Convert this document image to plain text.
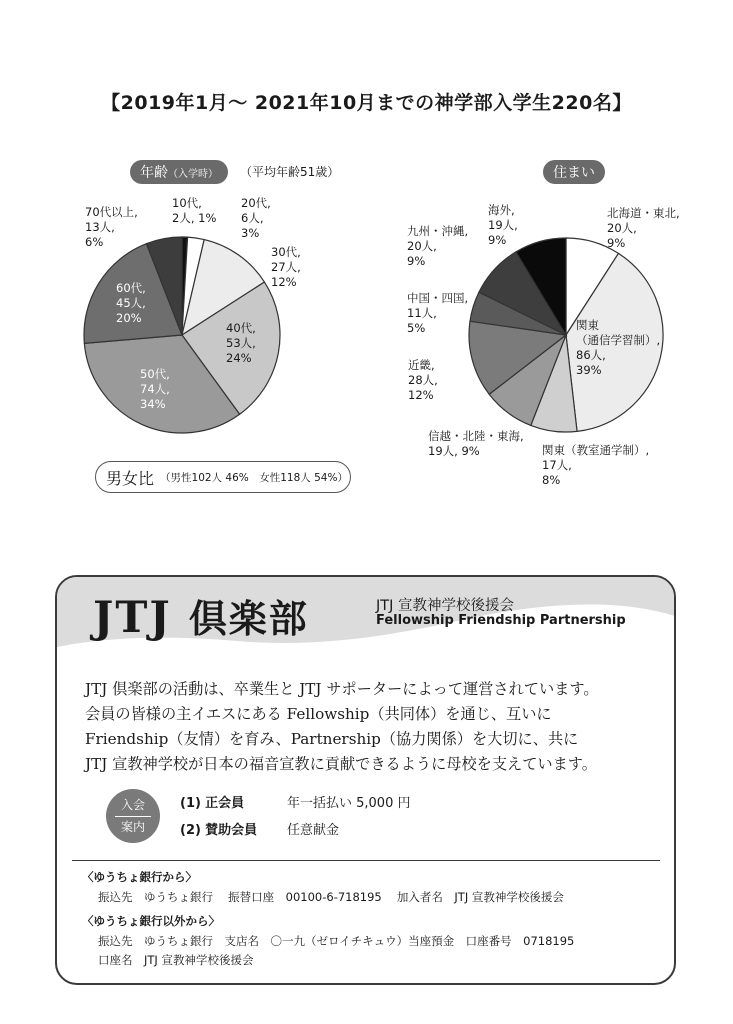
【2019年1月〜 2021年10月までの神学部入学生220名】
年齢（入学時）	（平均年齢51歳）	住まい
10代,
2人, 1%
20代,
6人,
3%
30代,
27人,
12%
40代,
53人,
24%
50代,
74人,
34%
60代,
45人,
20%
70代以上,
13人,
6%
北海道・東北,
20人,
9%
関東
（通信学習制）,
86人,
39%
関東（教室通学制）,
17人,
8%
信越・北陸・東海,
19人, 9%
近畿,
28人,
12%
中国・四国,
11人,
5%
九州・沖縄,
20人,
9%
海外,
19人,
9%
男女比 （男性102人 46%　女性118人 54%）
JTJ 倶楽部	JTJ 宣教神学校後援会
Fellowship Friendship Partnership
JTJ 倶楽部の活動は、卒業生と JTJ サポーターによって運営されています。
会員の皆様の主イエスにある Fellowship（共同体）を通じ、互いに
Friendship（友情）を育み、Partnership（協力関係）を大切に、共に
JTJ 宣教神学校が日本の福音宣教に貢献できるように母校を支えています。
入会
案内
(1) 正会員	年一括払い 5,000 円
(2) 賛助会員 任意献金
〈ゆうちょ銀行から〉
振込先　ゆうちょ銀行　 振替口座　00100-6-718195　 加入者名　JTJ 宣教神学校後援会
〈ゆうちょ銀行以外から〉
振込先　ゆうちょ銀行　支店名　〇一九（ゼロイチキュウ）当座預金　口座番号　0718195
口座名　JTJ 宣教神学校後援会
